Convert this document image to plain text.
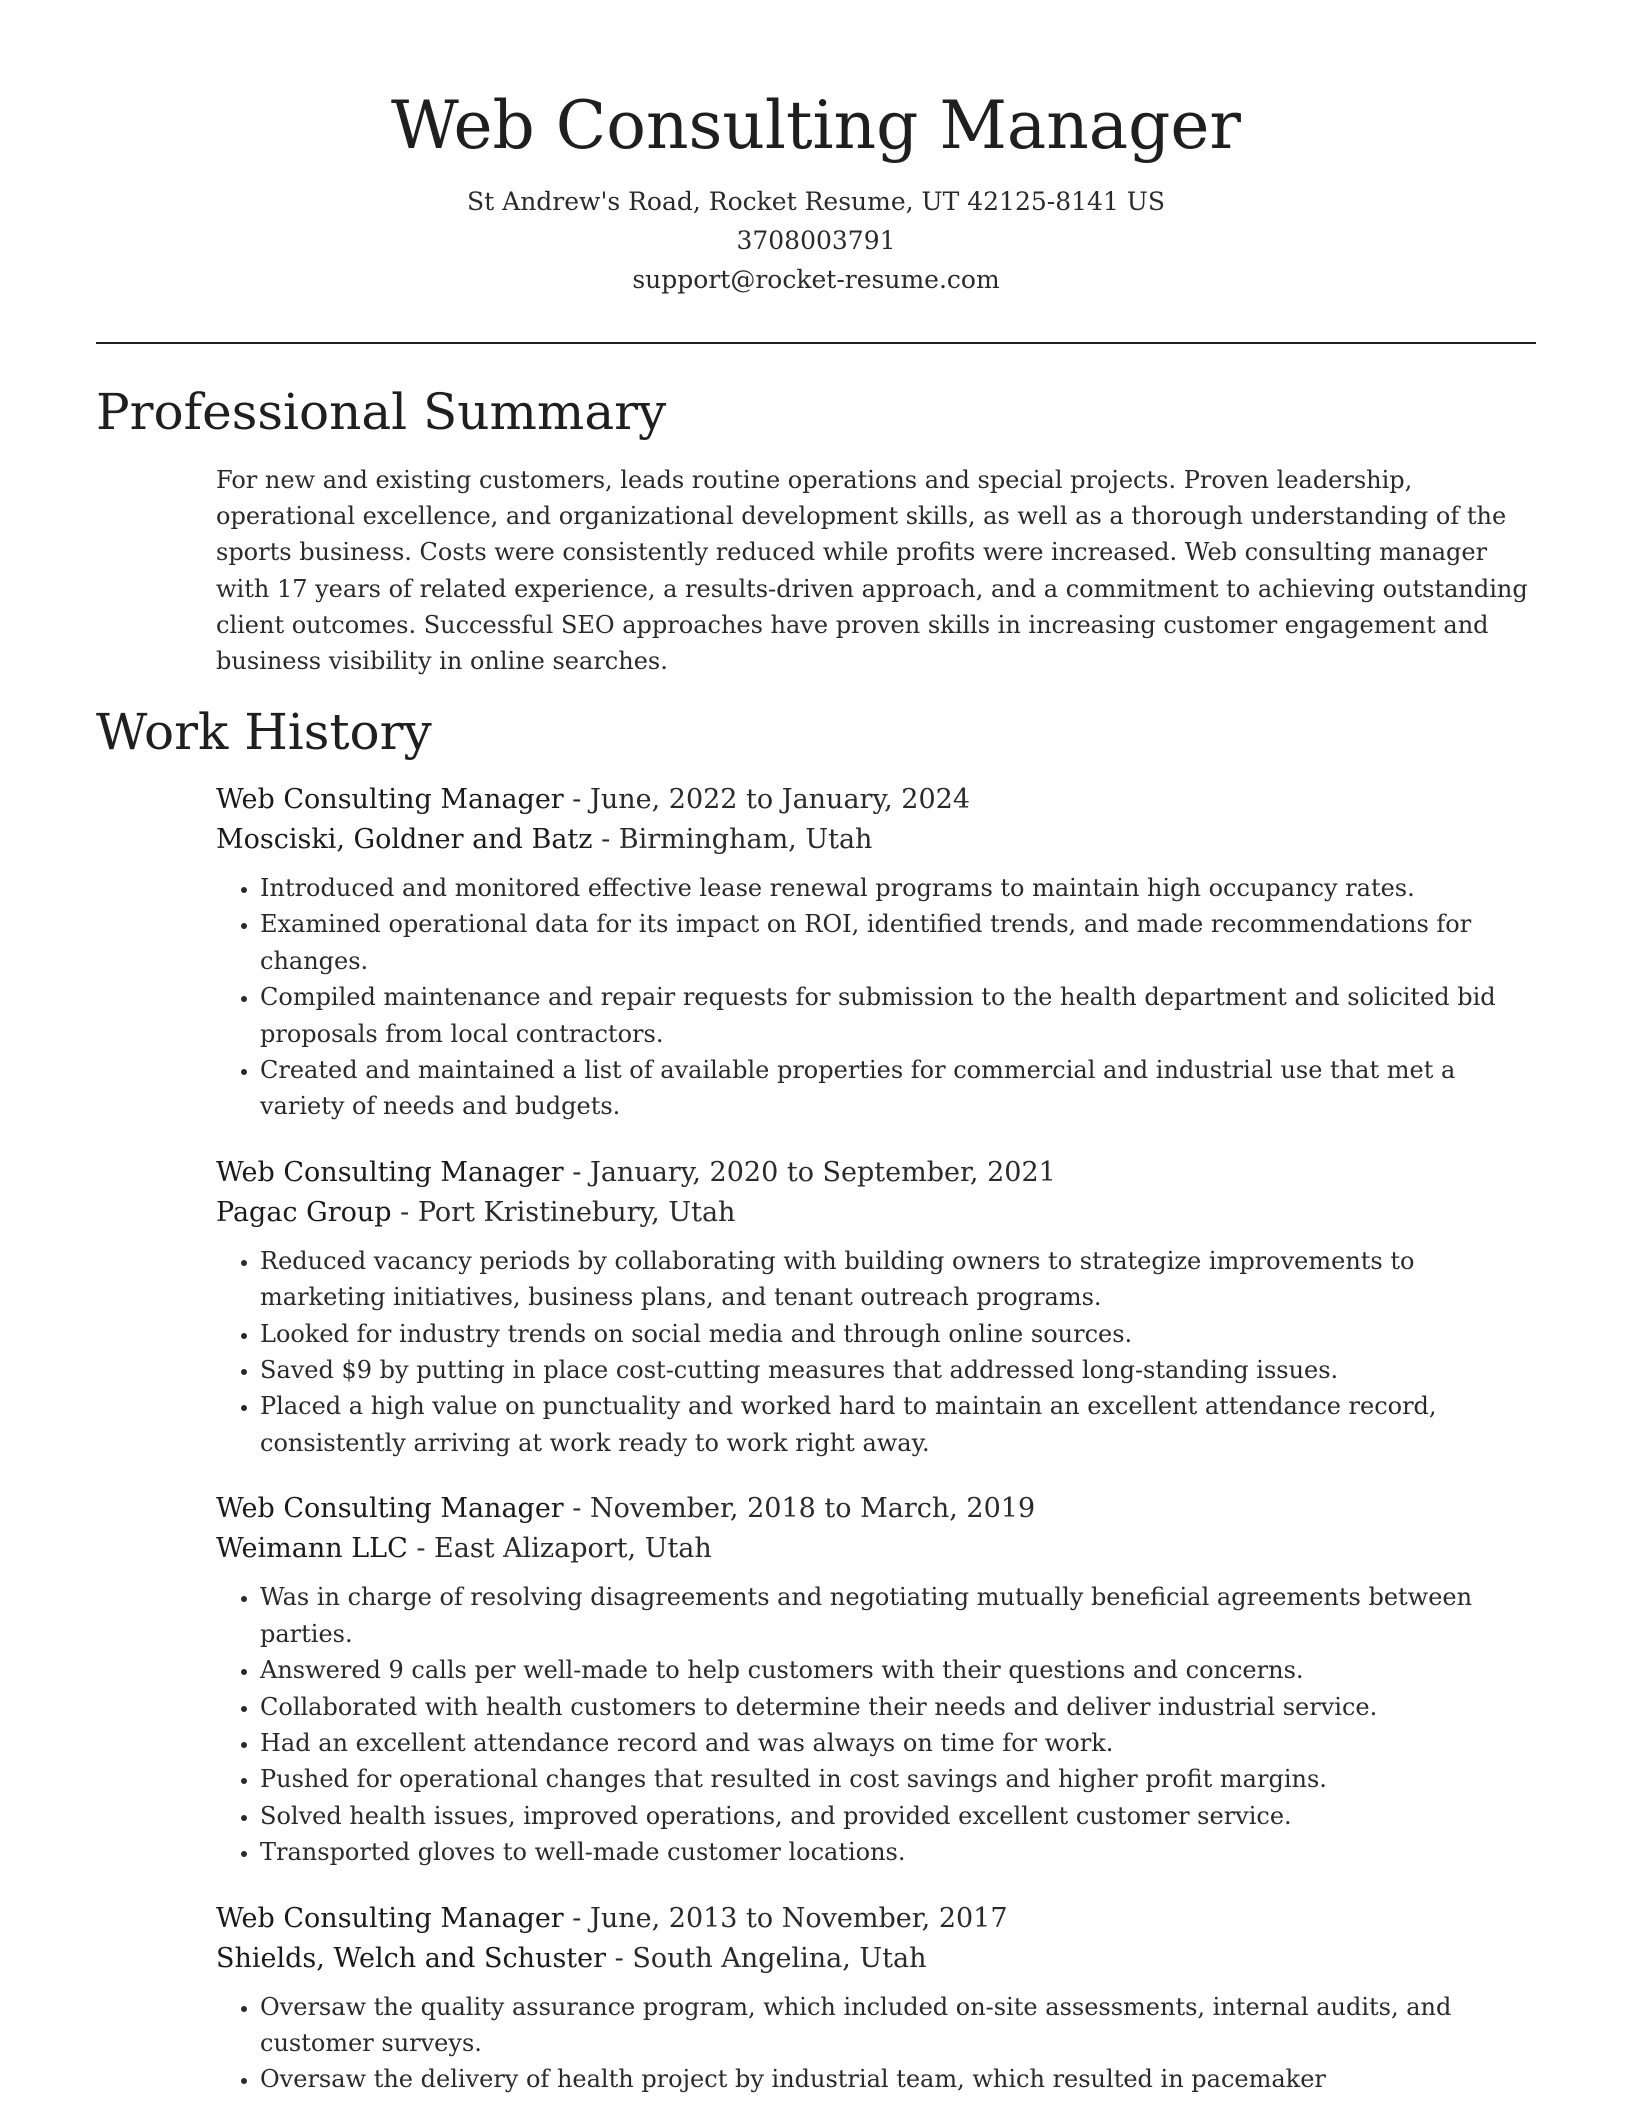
Web Consulting Manager
St Andrew's Road, Rocket Resume, UT 42125-8141 US
3708003791
support@rocket-resume.com
Professional Summary

For new and existing customers, leads routine operations and special projects. Proven leadership, operational excellence, and organizational development skills, as well as a thorough understanding of the sports business. Costs were consistently reduced while profits were increased. Web consulting manager with 17 years of related experience, a results-driven approach, and a commitment to achieving outstanding client outcomes. Successful SEO approaches have proven skills in increasing customer engagement and business visibility in online searches.

Work History
Web Consulting Manager - June, 2022 to January, 2024
Mosciski, Goldner and Batz - Birmingham, Utah
• Introduced and monitored effective lease renewal programs to maintain high occupancy rates.
• Examined operational data for its impact on ROI, identified trends, and made recommendations for changes.
• Compiled maintenance and repair requests for submission to the health department and solicited bid proposals from local contractors.
• Created and maintained a list of available properties for commercial and industrial use that met a variety of needs and budgets.
Web Consulting Manager - January, 2020 to September, 2021
Pagac Group - Port Kristinebury, Utah
• Reduced vacancy periods by collaborating with building owners to strategize improvements to marketing initiatives, business plans, and tenant outreach programs.
• Looked for industry trends on social media and through online sources.
• Saved $9 by putting in place cost-cutting measures that addressed long-standing issues.
• Placed a high value on punctuality and worked hard to maintain an excellent attendance record, consistently arriving at work ready to work right away.
Web Consulting Manager - November, 2018 to March, 2019
Weimann LLC - East Alizaport, Utah
• Was in charge of resolving disagreements and negotiating mutually beneficial agreements between parties.
• Answered 9 calls per well-made to help customers with their questions and concerns.
• Collaborated with health customers to determine their needs and deliver industrial service.
• Had an excellent attendance record and was always on time for work.
• Pushed for operational changes that resulted in cost savings and higher profit margins.
• Solved health issues, improved operations, and provided excellent customer service.
• Transported gloves to well-made customer locations.
Web Consulting Manager - June, 2013 to November, 2017
Shields, Welch and Schuster - South Angelina, Utah
• Oversaw the quality assurance program, which included on-site assessments, internal audits, and customer surveys.
• Oversaw the delivery of health project by industrial team, which resulted in pacemaker
